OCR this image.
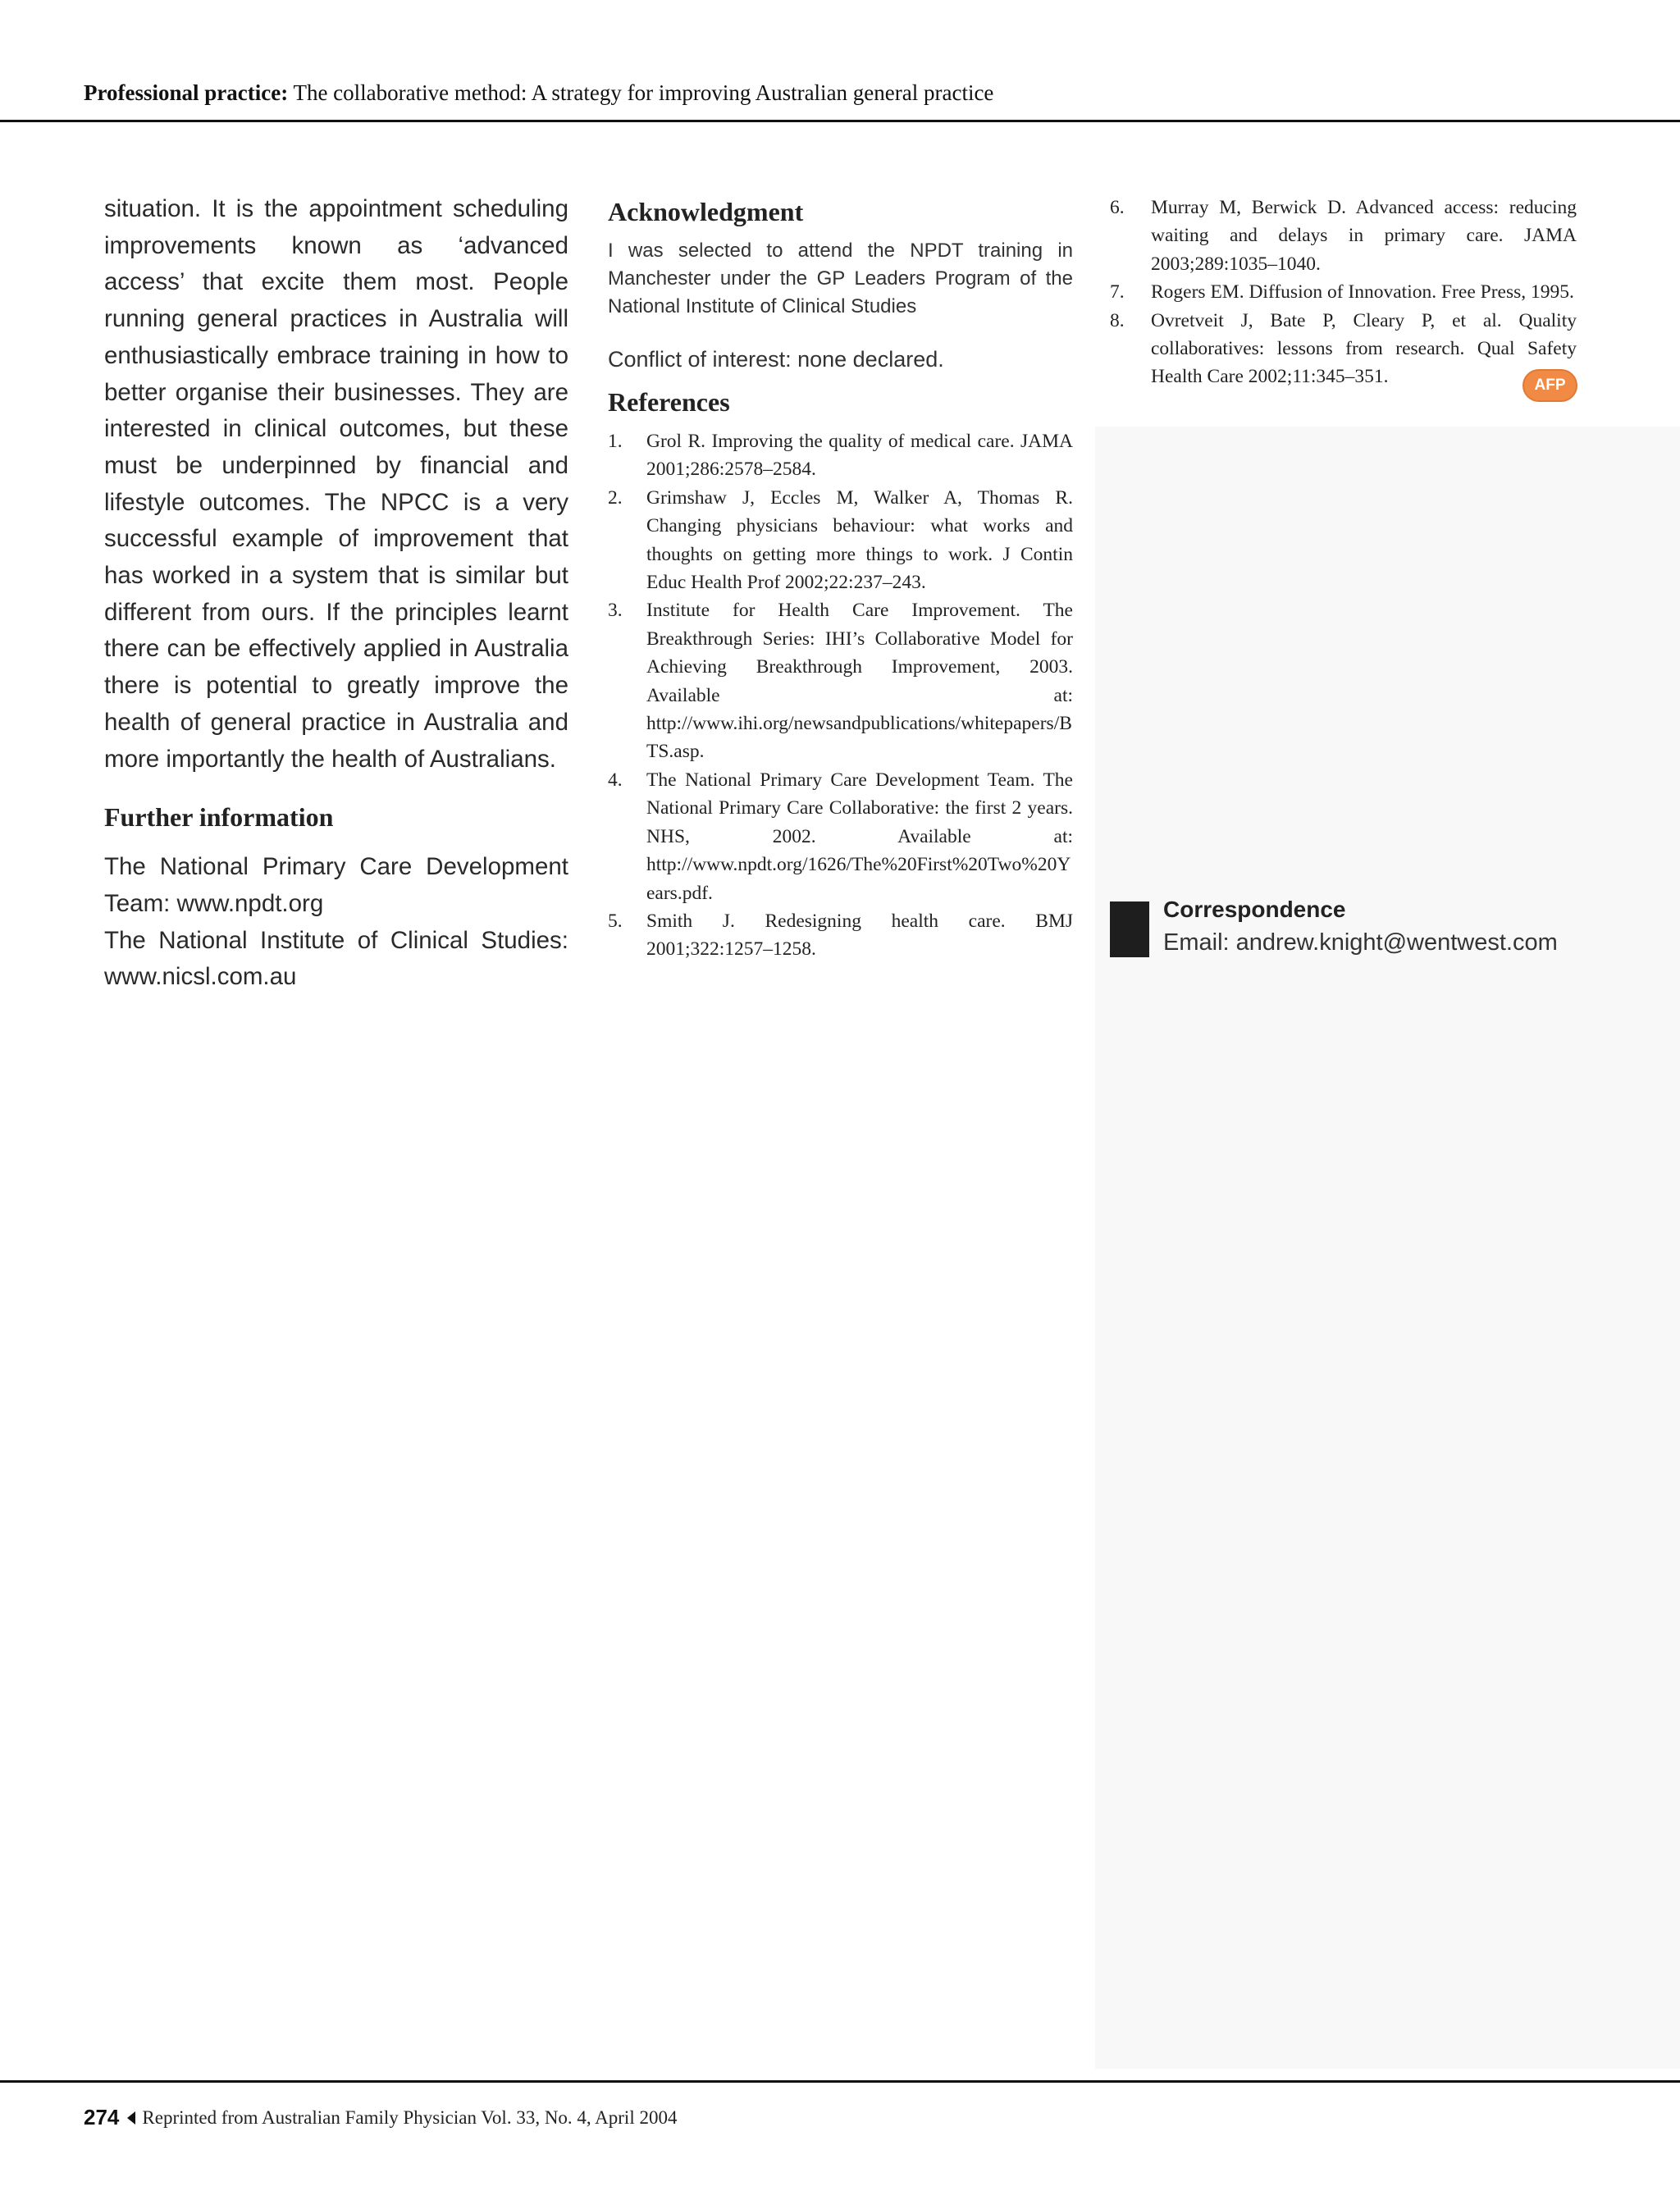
Professional practice: The collaborative method: A strategy for improving Australian general practice

situation. It is the appointment scheduling improvements known as ‘advanced access’ that excite them most. People running general practices in Australia will enthusiastically embrace training in how to better organise their businesses. They are interested in clinical outcomes, but these must be underpinned by financial and lifestyle outcomes. The NPCC is a very successful example of improvement that has worked in a system that is similar but different from ours. If the principles learnt there can be effectively applied in Australia there is potential to greatly improve the health of general practice in Australia and more importantly the health of Australians.

Further information

The National Primary Care Development Team: www.npdt.org

The National Institute of Clinical Studies: www.nicsl.com.au

Acknowledgment

I was selected to attend the NPDT training in Manchester under the GP Leaders Program of the National Institute of Clinical Studies

Conflict of interest: none declared.

References
1. Grol R. Improving the quality of medical care. JAMA 2001;286:2578–2584.
2. Grimshaw J, Eccles M, Walker A, Thomas R. Changing physicians behaviour: what works and thoughts on getting more things to work. J Contin Educ Health Prof 2002;22:237–243.
3. Institute for Health Care Improvement. The Breakthrough Series: IHI’s Collaborative Model for Achieving Breakthrough Improvement, 2003. Available at: http://www.ihi.org/newsandpublications/whitepapers/BTS.asp.
4. The National Primary Care Development Team. The National Primary Care Collaborative: the first 2 years. NHS, 2002. Available at: http://www.npdt.org/1626/The%20First%20Two%20Years.pdf.
5. Smith J. Redesigning health care. BMJ 2001;322:1257–1258.
6. Murray M, Berwick D. Advanced access: reducing waiting and delays in primary care. JAMA 2003;289:1035–1040.
7. Rogers EM. Diffusion of Innovation. Free Press, 1995.
8. Ovretveit J, Bate P, Cleary P, et al. Quality collaboratives: lessons from research. Qual Safety Health Care 2002;11:345–351.	AFP

Correspondence

Email: andrew.knight@wentwest.com

274 Reprinted from Australian Family Physician Vol. 33, No. 4, April 2004
